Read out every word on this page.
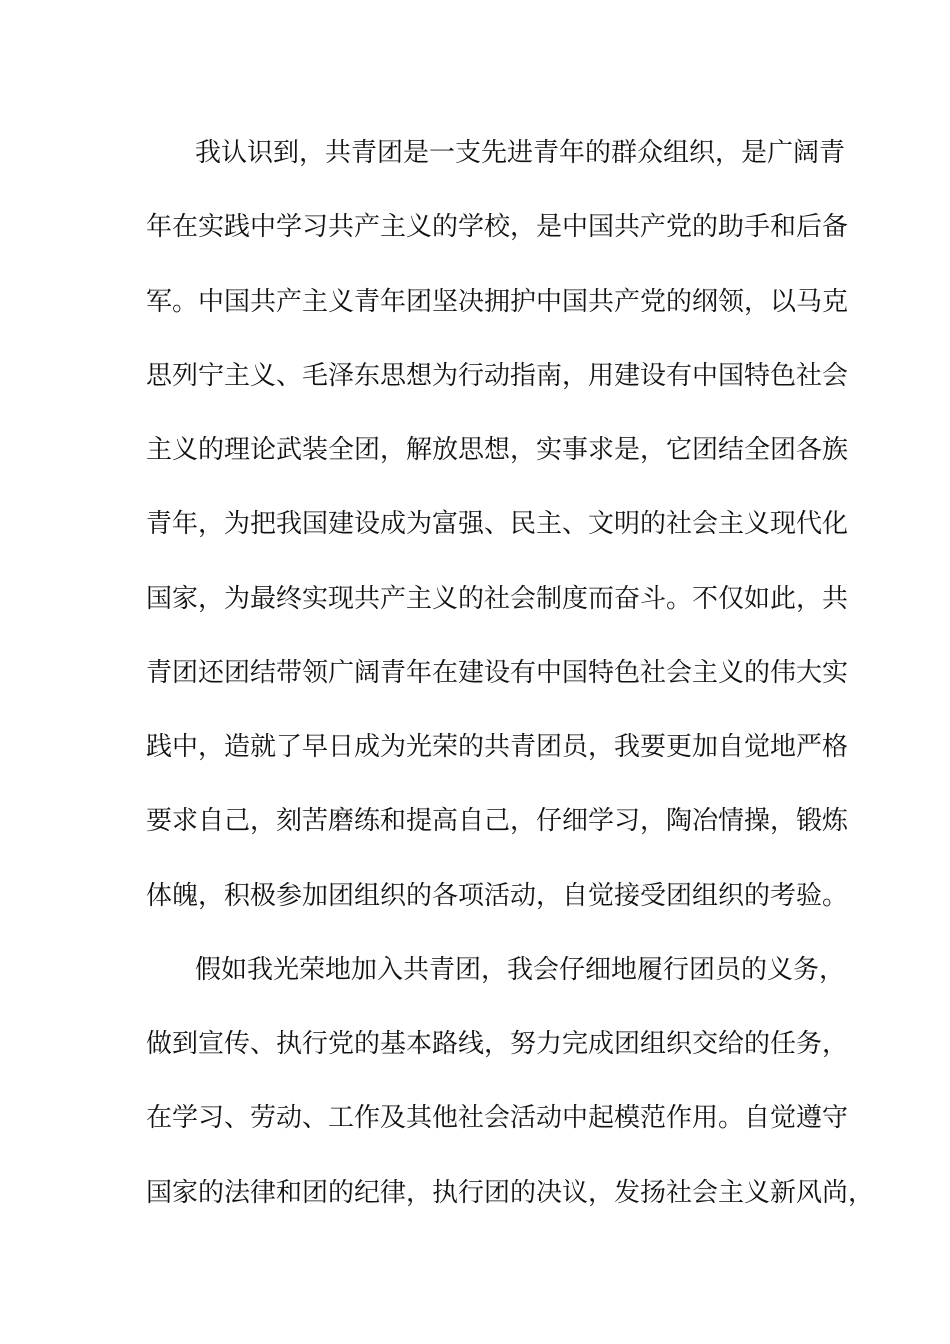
我认识到，共青团是一支先进青年的群众组织，是广阔青
年在实践中学习共产主义的学校，是中国共产党的助手和后备
军。中国共产主义青年团坚决拥护中国共产党的纲领，以马克
思列宁主义、毛泽东思想为行动指南，用建设有中国特色社会
主义的理论武装全团，解放思想，实事求是，它团结全团各族
青年，为把我国建设成为富强、民主、文明的社会主义现代化
国家，为最终实现共产主义的社会制度而奋斗。不仅如此，共
青团还团结带领广阔青年在建设有中国特色社会主义的伟大实
践中，造就了早日成为光荣的共青团员，我要更加自觉地严格
要求自己，刻苦磨练和提高自己，仔细学习，陶冶情操，锻炼
体魄，积极参加团组织的各项活动，自觉接受团组织的考验。
假如我光荣地加入共青团，我会仔细地履行团员的义务，
做到宣传、执行党的基本路线，努力完成团组织交给的任务，
在学习、劳动、工作及其他社会活动中起模范作用。自觉遵守
国家的法律和团的纪律，执行团的决议，发扬社会主义新风尚，
